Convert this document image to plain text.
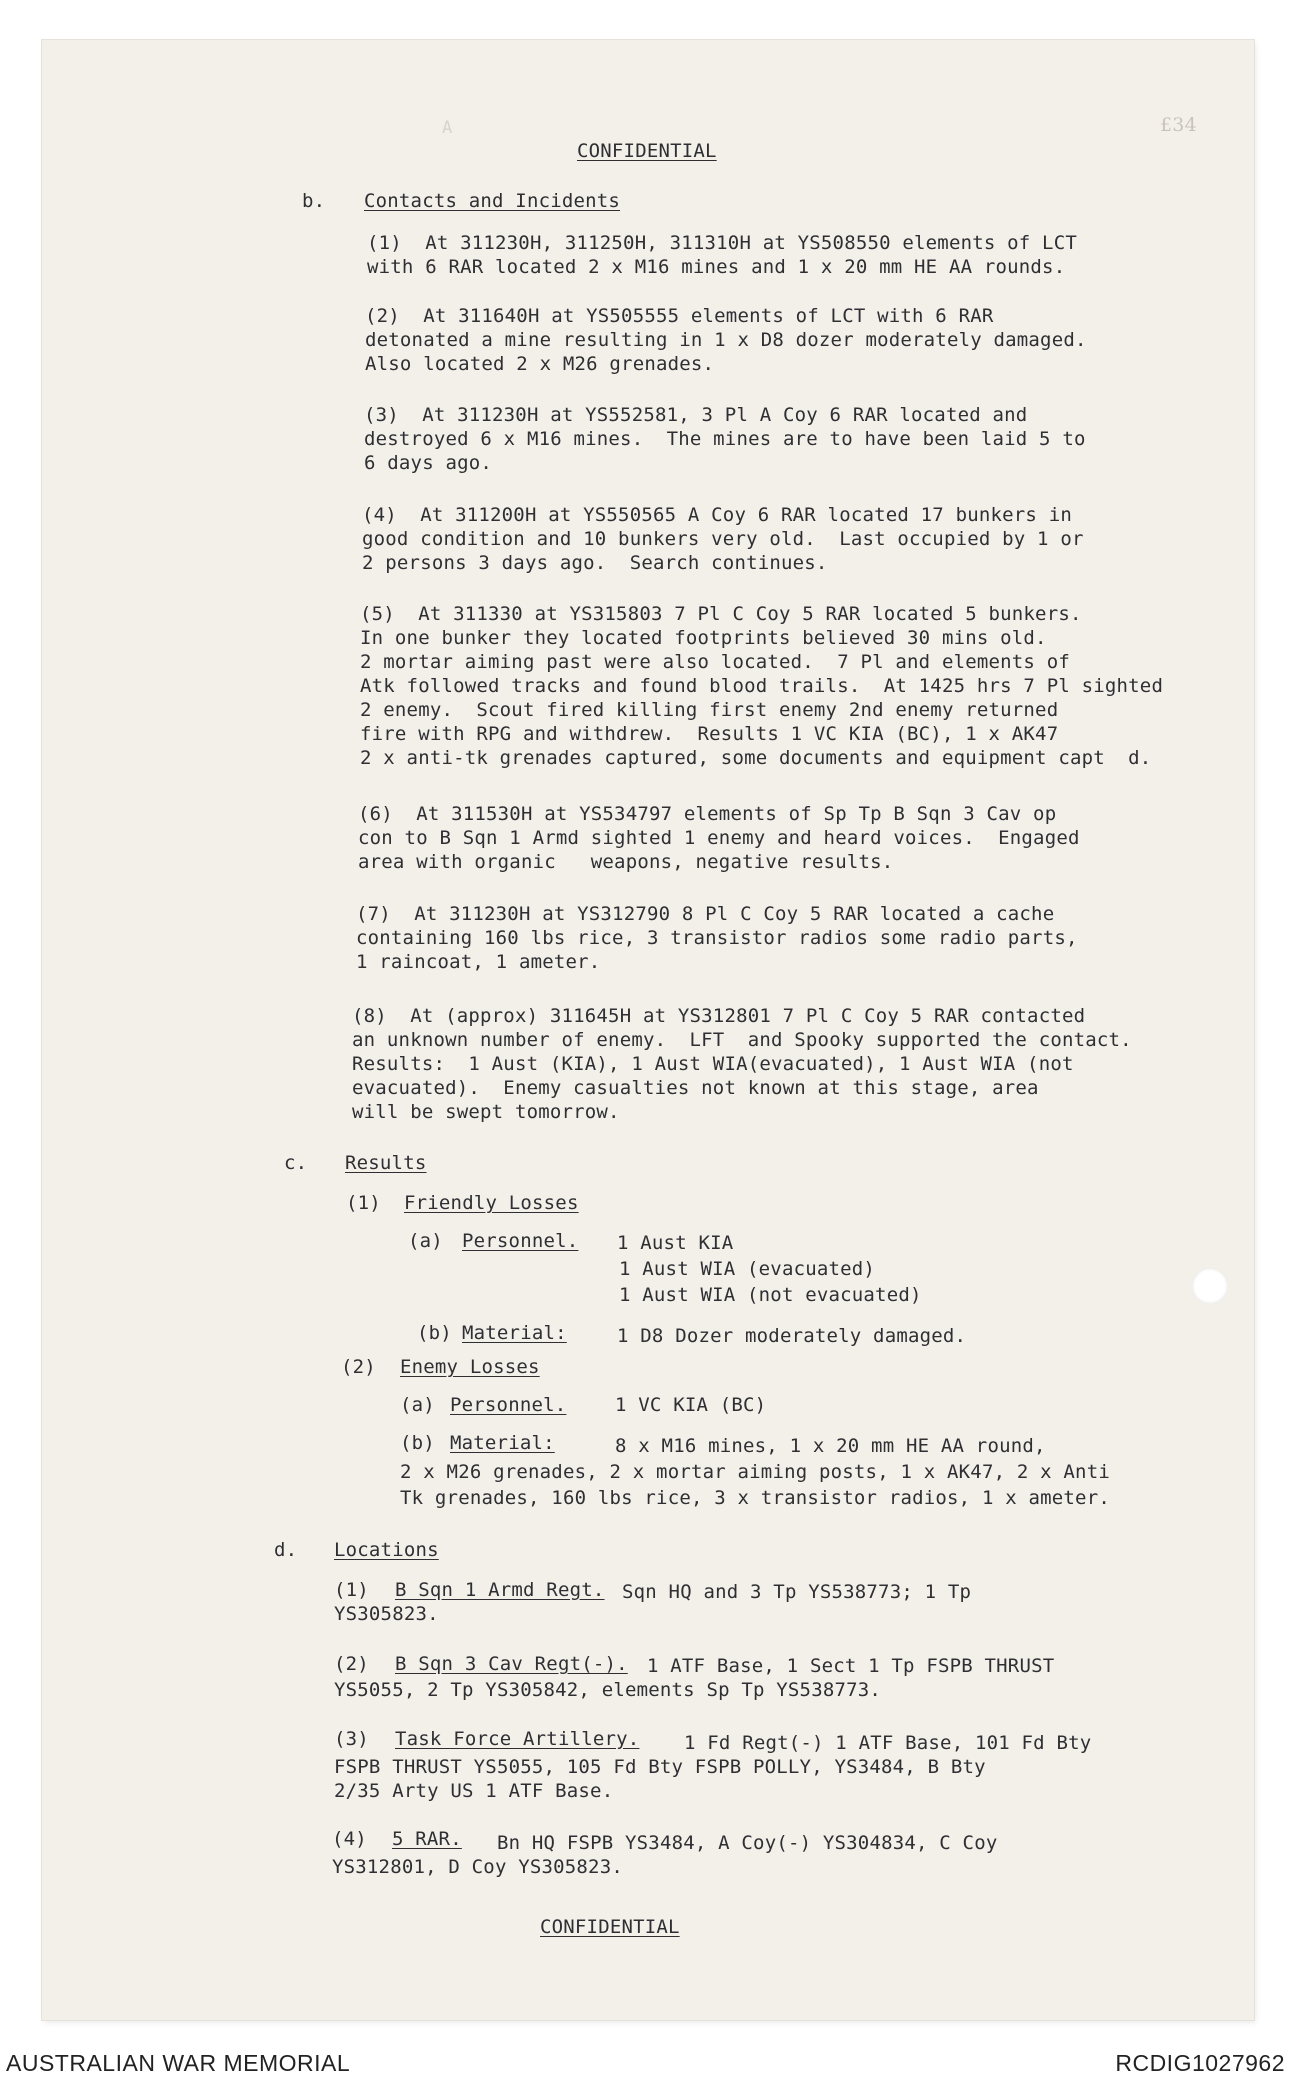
A
CONFIDENTIAL
£34
b. Contacts and Incidents
(1)  At 311230H, 311250H, 311310H at YS508550 elements of LCT
with 6 RAR located 2 x M16 mines and 1 x 20 mm HE AA rounds.
(2)  At 311640H at YS505555 elements of LCT with 6 RAR
detonated a mine resulting in 1 x D8 dozer moderately damaged.
Also located 2 x M26 grenades.
(3)  At 311230H at YS552581, 3 Pl A Coy 6 RAR located and
destroyed 6 x M16 mines.  The mines are to have been laid 5 to
6 days ago.
(4)  At 311200H at YS550565 A Coy 6 RAR located 17 bunkers in
good condition and 10 bunkers very old.  Last occupied by 1 or
2 persons 3 days ago.  Search continues.
(5)  At 311330 at YS315803 7 Pl C Coy 5 RAR located 5 bunkers.
In one bunker they located footprints believed 30 mins old.
2 mortar aiming past were also located.  7 Pl and elements of
Atk followed tracks and found blood trails.  At 1425 hrs 7 Pl sighted
2 enemy.  Scout fired killing first enemy 2nd enemy returned
fire with RPG and withdrew.  Results 1 VC KIA (BC), 1 x AK47
2 x anti-tk grenades captured, some documents and equipment capt  d.
(6)  At 311530H at YS534797 elements of Sp Tp B Sqn 3 Cav op
con to B Sqn 1 Armd sighted 1 enemy and heard voices.  Engaged
area with organic   weapons, negative results.
(7)  At 311230H at YS312790 8 Pl C Coy 5 RAR located a cache
containing 160 lbs rice, 3 transistor radios some radio parts,
1 raincoat, 1 ameter.
(8)  At (approx) 311645H at YS312801 7 Pl C Coy 5 RAR contacted
an unknown number of enemy.  LFT  and Spooky supported the contact.
Results:  1 Aust (KIA), 1 Aust WIA(evacuated), 1 Aust WIA (not
evacuated).  Enemy casualties not known at this stage, area
will be swept tomorrow.
c. Results
(1) Friendly Losses
(a) Personnel. 1 Aust KIA
1 Aust WIA (evacuated)
1 Aust WIA (not evacuated)
(b) Material:	1 D8 Dozer moderately damaged.
(2) Enemy Losses
(a) Personnel.	1 VC KIA (BC)
(b) Material:	8 x M16 mines, 1 x 20 mm HE AA round,
2 x M26 grenades, 2 x mortar aiming posts, 1 x AK47, 2 x Anti
Tk grenades, 160 lbs rice, 3 x transistor radios, 1 x ameter.
d. Locations
(1) B Sqn 1 Armd Regt. Sqn HQ and 3 Tp YS538773; 1 Tp
YS305823.
(2) B Sqn 3 Cav Regt(-). 1 ATF Base, 1 Sect 1 Tp FSPB THRUST
YS5055, 2 Tp YS305842, elements Sp Tp YS538773.
(3) Task Force Artillery. 1 Fd Regt(-) 1 ATF Base, 101 Fd Bty
FSPB THRUST YS5055, 105 Fd Bty FSPB POLLY, YS3484, B Bty
2/35 Arty US 1 ATF Base.
(4) 5 RAR. Bn HQ FSPB YS3484, A Coy(-) YS304834, C Coy
YS312801, D Coy YS305823.
CONFIDENTIAL
AUSTRALIAN WAR MEMORIAL	RCDIG1027962
